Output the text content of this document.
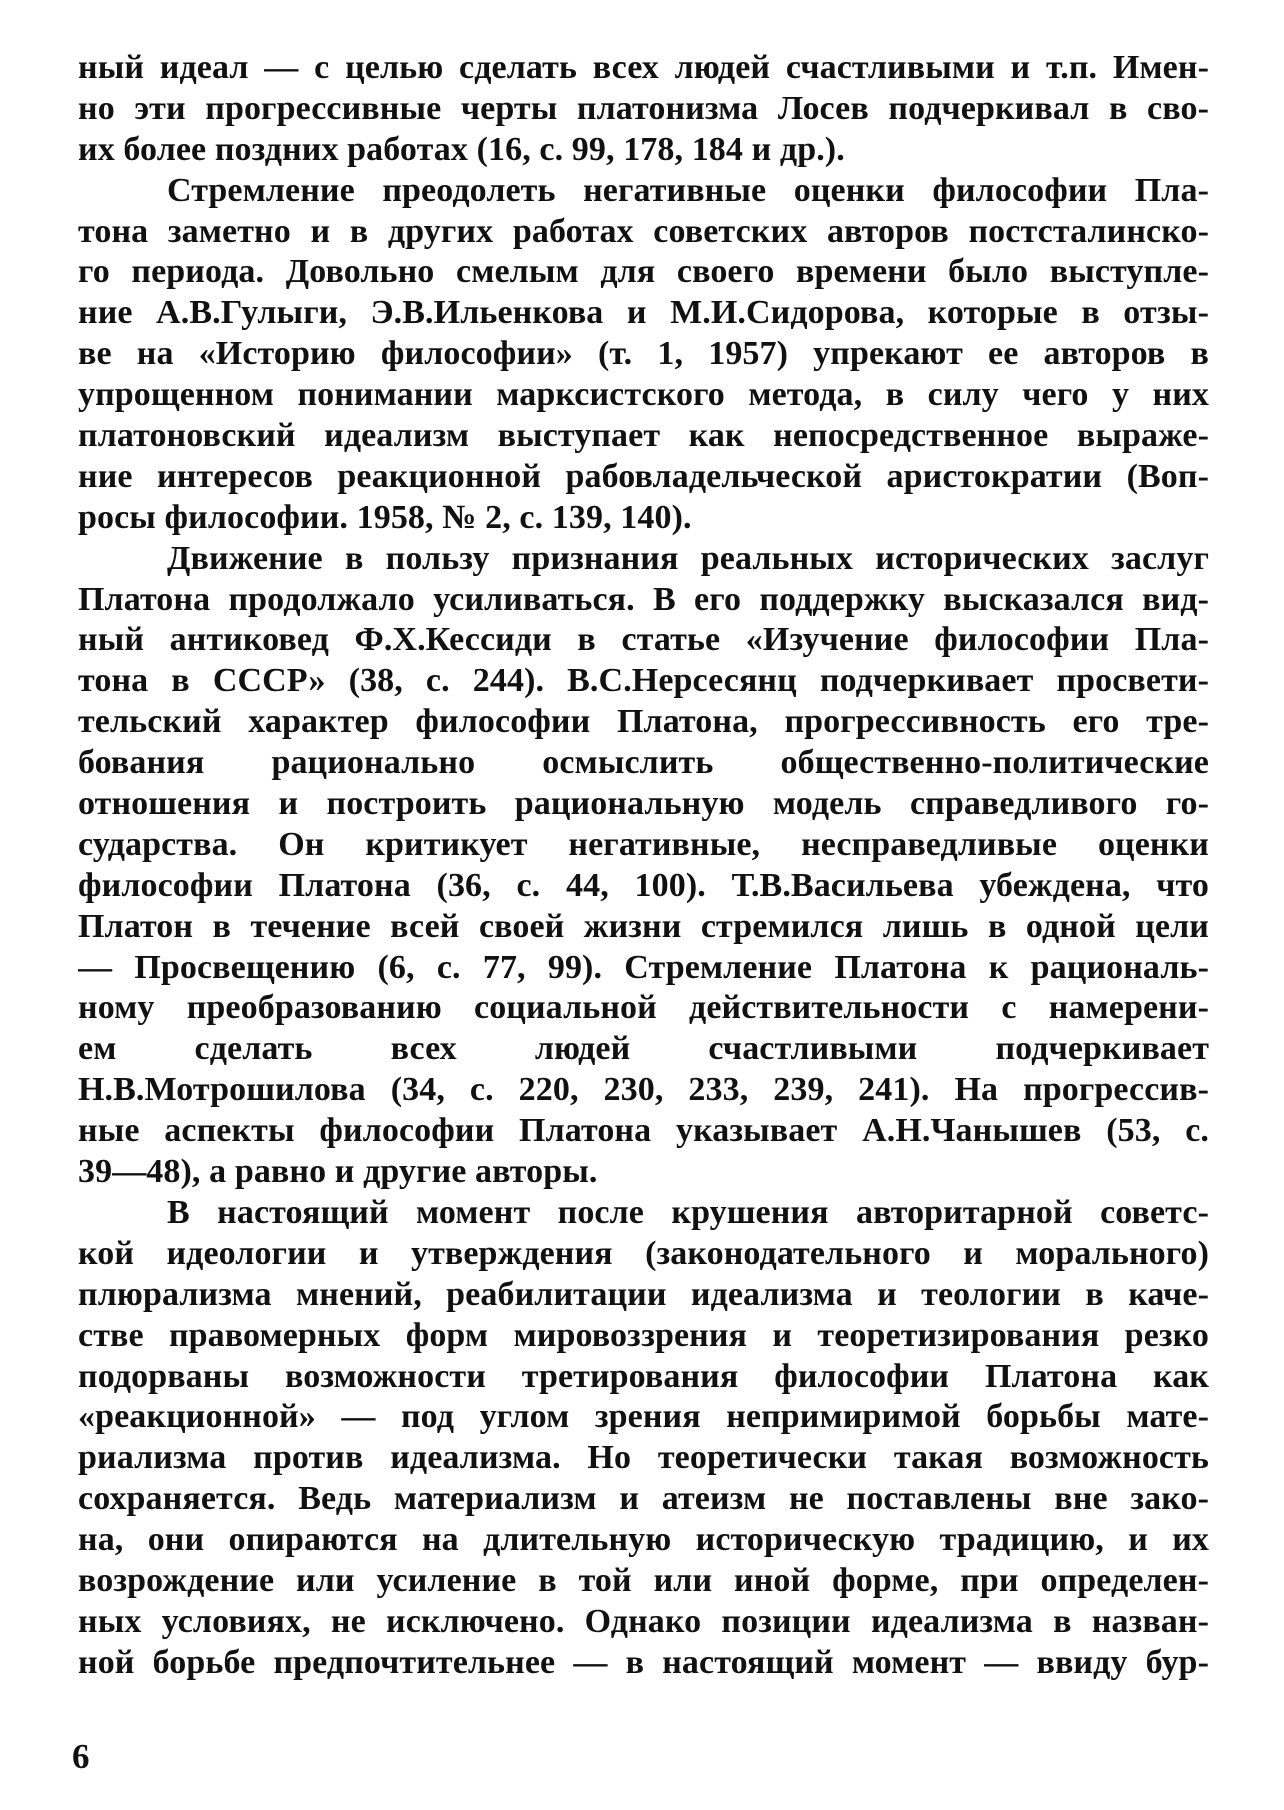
ный идеал — с целью сделать всех людей счастливыми и т.п. Имен-
но эти прогрессивные черты платонизма Лосев подчеркивал в сво-
их более поздних работах (16, с. 99, 178, 184 и др.).
Стремление преодолеть негативные оценки философии Пла-
тона заметно и в других работах советских авторов постсталинско-
го периода. Довольно смелым для своего времени было выступле-
ние А.В.Гулыги, Э.В.Ильенкова и М.И.Сидорова, которые в отзы-
ве на «Историю философии» (т. 1, 1957) упрекают ее авторов в
упрощенном понимании марксистского метода, в силу чего у них
платоновский идеализм выступает как непосредственное выраже-
ние интересов реакционной рабовладельческой аристократии (Воп-
росы философии. 1958, № 2, с. 139, 140).
Движение в пользу признания реальных исторических заслуг
Платона продолжало усиливаться. В его поддержку высказался вид-
ный антиковед Ф.Х.Кессиди в статье «Изучение философии Пла-
тона в СССР» (38, с. 244). В.С.Нерсесянц подчеркивает просвети-
тельский характер философии Платона, прогрессивность его тре-
бования рационально осмыслить общественно-политические
отношения и построить рациональную модель справедливого го-
сударства. Он критикует негативные, несправедливые оценки
философии Платона (36, с. 44, 100). Т.В.Васильева убеждена, что
Платон в течение всей своей жизни стремился лишь в одной цели
— Просвещению (6, с. 77, 99). Стремление Платона к рациональ-
ному преобразованию социальной действительности с намерени-
ем сделать всех людей счастливыми подчеркивает
Н.В.Мотрошилова (34, с. 220, 230, 233, 239, 241). На прогрессив-
ные аспекты философии Платона указывает А.Н.Чанышев (53, с.
39—48), а равно и другие авторы.
В настоящий момент после крушения авторитарной советс-
кой идеологии и утверждения (законодательного и морального)
плюрализма мнений, реабилитации идеализма и теологии в каче-
стве правомерных форм мировоззрения и теоретизирования резко
подорваны возможности третирования философии Платона как
«реакционной» — под углом зрения непримиримой борьбы мате-
риализма против идеализма. Но теоретически такая возможность
сохраняется. Ведь материализм и атеизм не поставлены вне зако-
на, они опираются на длительную историческую традицию, и их
возрождение или усиление в той или иной форме, при определен-
ных условиях, не исключено. Однако позиции идеализма в назван-
ной борьбе предпочтительнее — в настоящий момент — ввиду бур-
6
